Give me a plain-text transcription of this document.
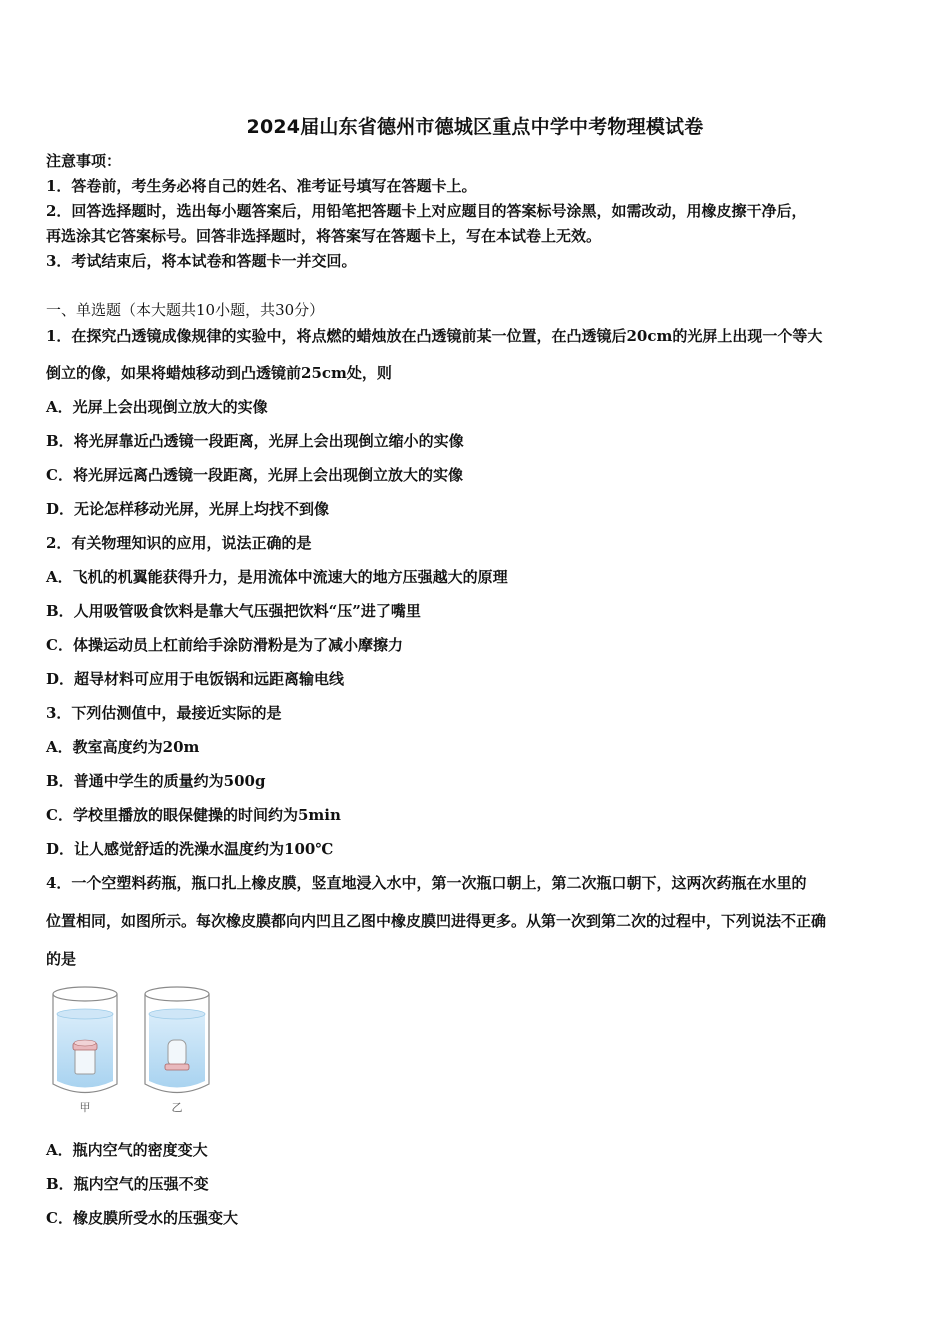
2024届山东省德州市德城区重点中学中考物理模试卷
注意事项：
1．答卷前，考生务必将自己的姓名、准考证号填写在答题卡上。
2．回答选择题时，选出每小题答案后，用铅笔把答题卡上对应题目的答案标号涂黑，如需改动，用橡皮擦干净后，
再选涂其它答案标号。回答非选择题时，将答案写在答题卡上，写在本试卷上无效。
3．考试结束后，将本试卷和答题卡一并交回。
一、单选题（本大题共10小题，共30分）
1．在探究凸透镜成像规律的实验中，将点燃的蜡烛放在凸透镜前某一位置，在凸透镜后20cm的光屏上出现一个等大
倒立的像，如果将蜡烛移动到凸透镜前25cm处，则
A．光屏上会出现倒立放大的实像
B．将光屏靠近凸透镜一段距离，光屏上会出现倒立缩小的实像
C．将光屏远离凸透镜一段距离，光屏上会出现倒立放大的实像
D．无论怎样移动光屏，光屏上均找不到像
2．有关物理知识的应用，说法正确的是
A．飞机的机翼能获得升力，是用流体中流速大的地方压强越大的原理
B．人用吸管吸食饮料是靠大气压强把饮料“压”进了嘴里
C．体操运动员上杠前给手涂防滑粉是为了减小摩擦力
D．超导材料可应用于电饭锅和远距离输电线
3．下列估测值中，最接近实际的是
A．教室高度约为20m
B．普通中学生的质量约为500g
C．学校里播放的眼保健操的时间约为5min
D．让人感觉舒适的洗澡水温度约为100℃
4．一个空塑料药瓶，瓶口扎上橡皮膜，竖直地浸入水中，第一次瓶口朝上，第二次瓶口朝下，这两次药瓶在水里的
位置相同，如图所示。每次橡皮膜都向内凹且乙图中橡皮膜凹进得更多。从第一次到第二次的过程中，下列说法不正确
的是
甲	乙
A．瓶内空气的密度变大
B．瓶内空气的压强不变
C．橡皮膜所受水的压强变大
